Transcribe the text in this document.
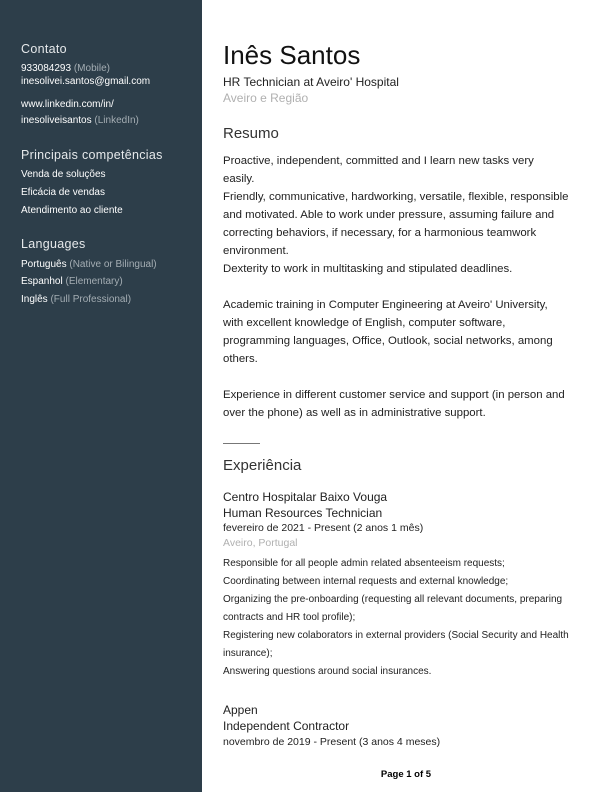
Contato
933084293 (Mobile)
inesolivei.santos@gmail.com
www.linkedin.com/in/
inesoliveisantos (LinkedIn)
Principais competências
Venda de soluções
Eficácia de vendas
Atendimento ao cliente
Languages
Português (Native or Bilingual)
Espanhol (Elementary)
Inglês (Full Professional)
Inês Santos
HR Technician at Aveiro' Hospital
Aveiro e Região
Resumo
Proactive, independent, committed and I learn new tasks very
easily.
Friendly, communicative, hardworking, versatile, flexible, responsible
and motivated. Able to work under pressure, assuming failure and
correcting behaviors, if necessary, for a harmonious teamwork
environment.
Dexterity to work in multitasking and stipulated deadlines.
Academic training in Computer Engineering at Aveiro' University,
with excellent knowledge of English, computer software,
programming languages, Office, Outlook, social networks, among
others.
Experience in different customer service and support (in person and
over the phone) as well as in administrative support.
Experiência
Centro Hospitalar Baixo Vouga
Human Resources Technician
fevereiro de 2021 - Present (2 anos 1 mês)
Aveiro, Portugal
Responsible for all people admin related absenteeism requests;
Coordinating between internal requests and external knowledge;
Organizing the pre-onboarding (requesting all relevant documents, preparing
contracts and HR tool profile);
Registering new colaborators in external providers (Social Security and Health
insurance);
Answering questions around social insurances.
Appen
Independent Contractor
novembro de 2019 - Present (3 anos 4 meses)
Page 1 of 5
